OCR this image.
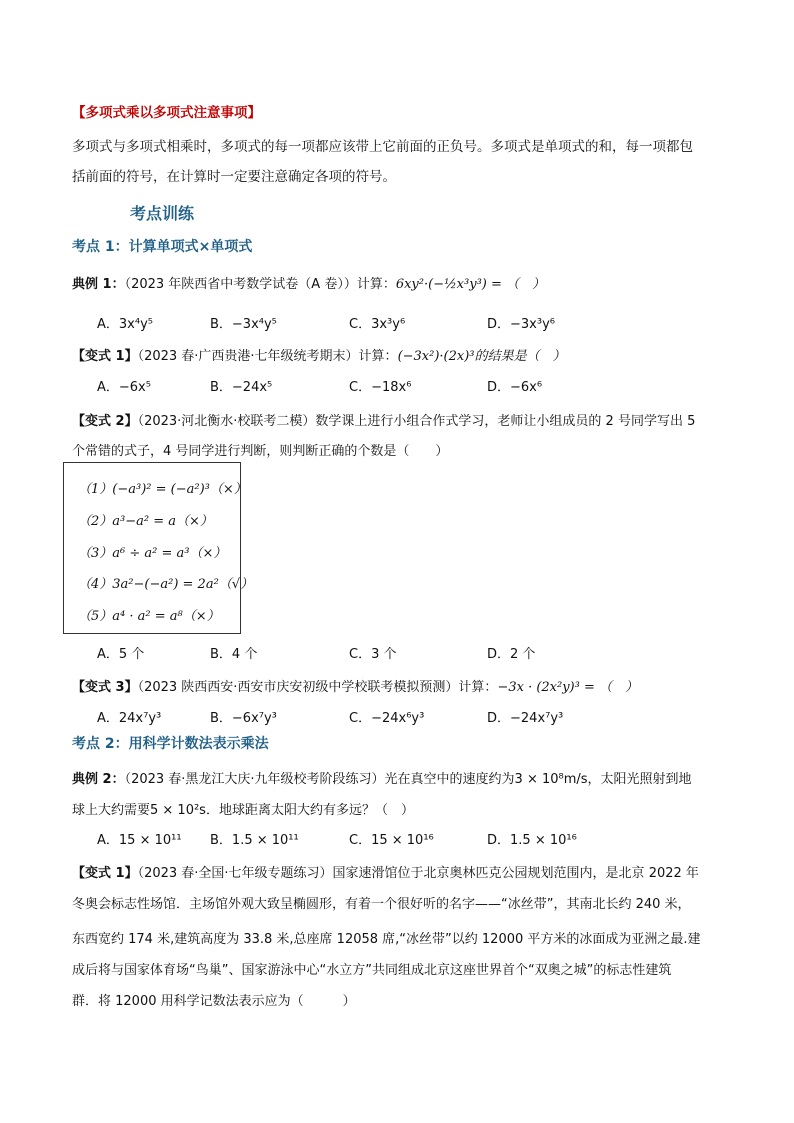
【多项式乘以多项式注意事项】
多项式与多项式相乘时，多项式的每一项都应该带上它前面的正负号。多项式是单项式的和，每一项都包
括前面的符号，在计算时一定要注意确定各项的符号。
考点训练
考点 1：计算单项式×单项式
典例 1：（2023 年陕西省中考数学试卷（A 卷））计算：6xy²·(−½x³y³) = （　）
A．3x⁴y⁵	B．−3x⁴y⁵	C．3x³y⁶	D．−3x³y⁶
【变式 1】（2023 春·广西贵港·七年级统考期末）计算：(−3x²)·(2x)³的结果是（　）
A．−6x⁵	B．−24x⁵	C．−18x⁶	D．−6x⁶
【变式 2】（2023·河北衡水·校联考二模）数学课上进行小组合作式学习，老师让小组成员的 2 号同学写出 5
个常错的式子，4 号同学进行判断，则判断正确的个数是（　　）
（1）(−a³)² = (−a²)³（×）
（2）a³−a² = a（×）
（3）a⁶ ÷ a² = a³（×）
（4）3a²−(−a²) = 2a²（√）
（5）a⁴ · a² = a⁸（×）
A．5 个	B．4 个	C．3 个	D．2 个
【变式 3】（2023 陕西西安·西安市庆安初级中学校联考模拟预测）计算：−3x · (2x²y)³ = （　）
A．24x⁷y³	B．−6x⁷y³	C．−24x⁶y³	D．−24x⁷y³
考点 2：用科学计数法表示乘法
典例 2：（2023 春·黑龙江大庆·九年级校考阶段练习）光在真空中的速度约为3 × 10⁸m/s，太阳光照射到地
球上大约需要5 × 10²s．地球距离太阳大约有多远？（　）
A．15 × 10¹¹ B．1.5 × 10¹¹	C．15 × 10¹⁶	D．1.5 × 10¹⁶
【变式 1】（2023 春·全国·七年级专题练习）国家速滑馆位于北京奥林匹克公园规划范围内，是北京 2022 年
冬奥会标志性场馆．主场馆外观大致呈椭圆形，有着一个很好听的名字——“冰丝带”，其南北长约 240 米，
东西宽约 174 米,建筑高度为 33.8 米,总座席 12058 席,“冰丝带”以约 12000 平方米的冰面成为亚洲之最.建
成后将与国家体育场“鸟巢”、国家游泳中心“水立方”共同组成北京这座世界首个“双奥之城”的标志性建筑
群．将 12000 用科学记数法表示应为（　　　）
